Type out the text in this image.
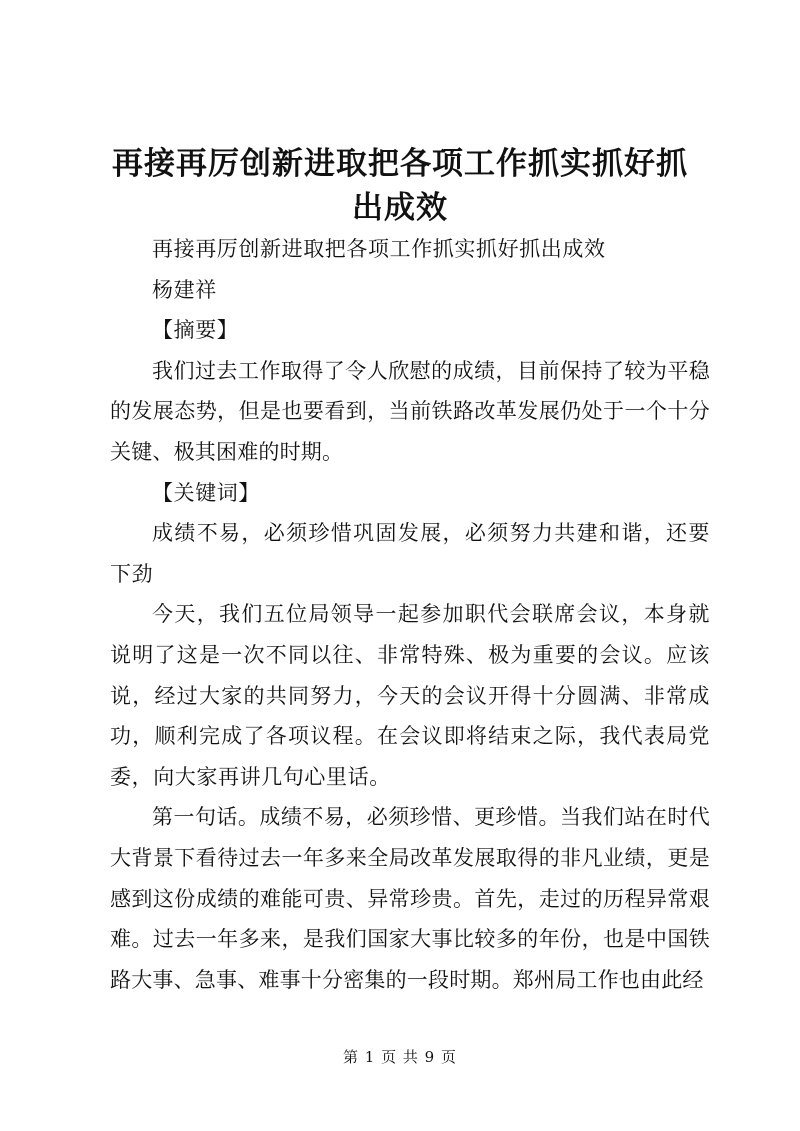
再接再厉创新进取把各项工作抓实抓好抓出成效

再接再厉创新进取把各项工作抓实抓好抓出成效

杨建祥

【摘要】

我们过去工作取得了令人欣慰的成绩，目前保持了较为平稳的发展态势，但是也要看到，当前铁路改革发展仍处于一个十分关键、极其困难的时期。

【关键词】

成绩不易，必须珍惜巩固发展，必须努力共建和谐，还要下劲

今天，我们五位局领导一起参加职代会联席会议，本身就说明了这是一次不同以往、非常特殊、极为重要的会议。应该说，经过大家的共同努力，今天的会议开得十分圆满、非常成功，顺利完成了各项议程。在会议即将结束之际，我代表局党委，向大家再讲几句心里话。

第一句话。成绩不易，必须珍惜、更珍惜。当我们站在时代大背景下看待过去一年多来全局改革发展取得的非凡业绩，更是感到这份成绩的难能可贵、异常珍贵。首先，走过的历程异常艰难。过去一年多来，是我们国家大事比较多的年份，也是中国铁路大事、急事、难事十分密集的一段时期。郑州局工作也由此经

第 1 页 共 9 页
